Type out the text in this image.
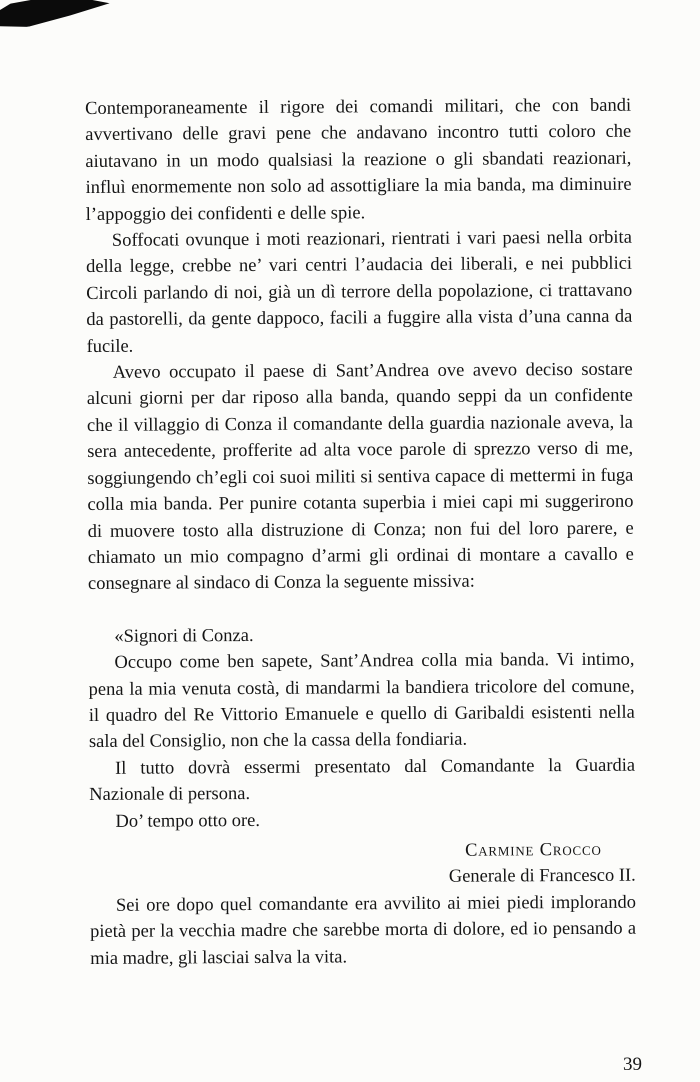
Contemporaneamente il rigore dei comandi militari, che con bandi avvertivano delle gravi pene che andavano incontro tutti coloro che aiutavano in un modo qualsiasi la reazione o gli sbandati reazionari, influì enormemente non solo ad assottigliare la mia banda, ma diminuire l’appoggio dei confidenti e delle spie.

Soffocati ovunque i moti reazionari, rientrati i vari paesi nella orbita della legge, crebbe ne’ vari centri l’audacia dei liberali, e nei pubblici Circoli parlando di noi, già un dì terrore della popolazione, ci trattavano da pastorelli, da gente dappoco, facili a fuggire alla vista d’una canna da fucile.

Avevo occupato il paese di Sant’Andrea ove avevo deciso sostare alcuni giorni per dar riposo alla banda, quando seppi da un confidente che il villaggio di Conza il comandante della guardia nazionale aveva, la sera antecedente, profferite ad alta voce parole di sprezzo verso di me, soggiungendo ch’egli coi suoi militi si sentiva capace di mettermi in fuga colla mia banda. Per punire cotanta superbia i miei capi mi suggerirono di muovere tosto alla distruzione di Conza; non fui del loro parere, e chiamato un mio compagno d’armi gli ordinai di montare a cavallo e consegnare al sindaco di Conza la seguente missiva:

«Signori di Conza.

Occupo come ben sapete, Sant’Andrea colla mia banda. Vi intimo, pena la mia venuta costà, di mandarmi la bandiera tricolore del comune, il quadro del Re Vittorio Emanuele e quello di Garibaldi esistenti nella sala del Consiglio, non che la cassa della fondiaria.

Il tutto dovrà essermi presentato dal Comandante la Guardia Nazionale di persona.

Do’ tempo otto ore.

Carmine Crocco
Generale di Francesco II.

Sei ore dopo quel comandante era avvilito ai miei piedi implorando pietà per la vecchia madre che sarebbe morta di dolore, ed io pensando a mia madre, gli lasciai salva la vita.

39
